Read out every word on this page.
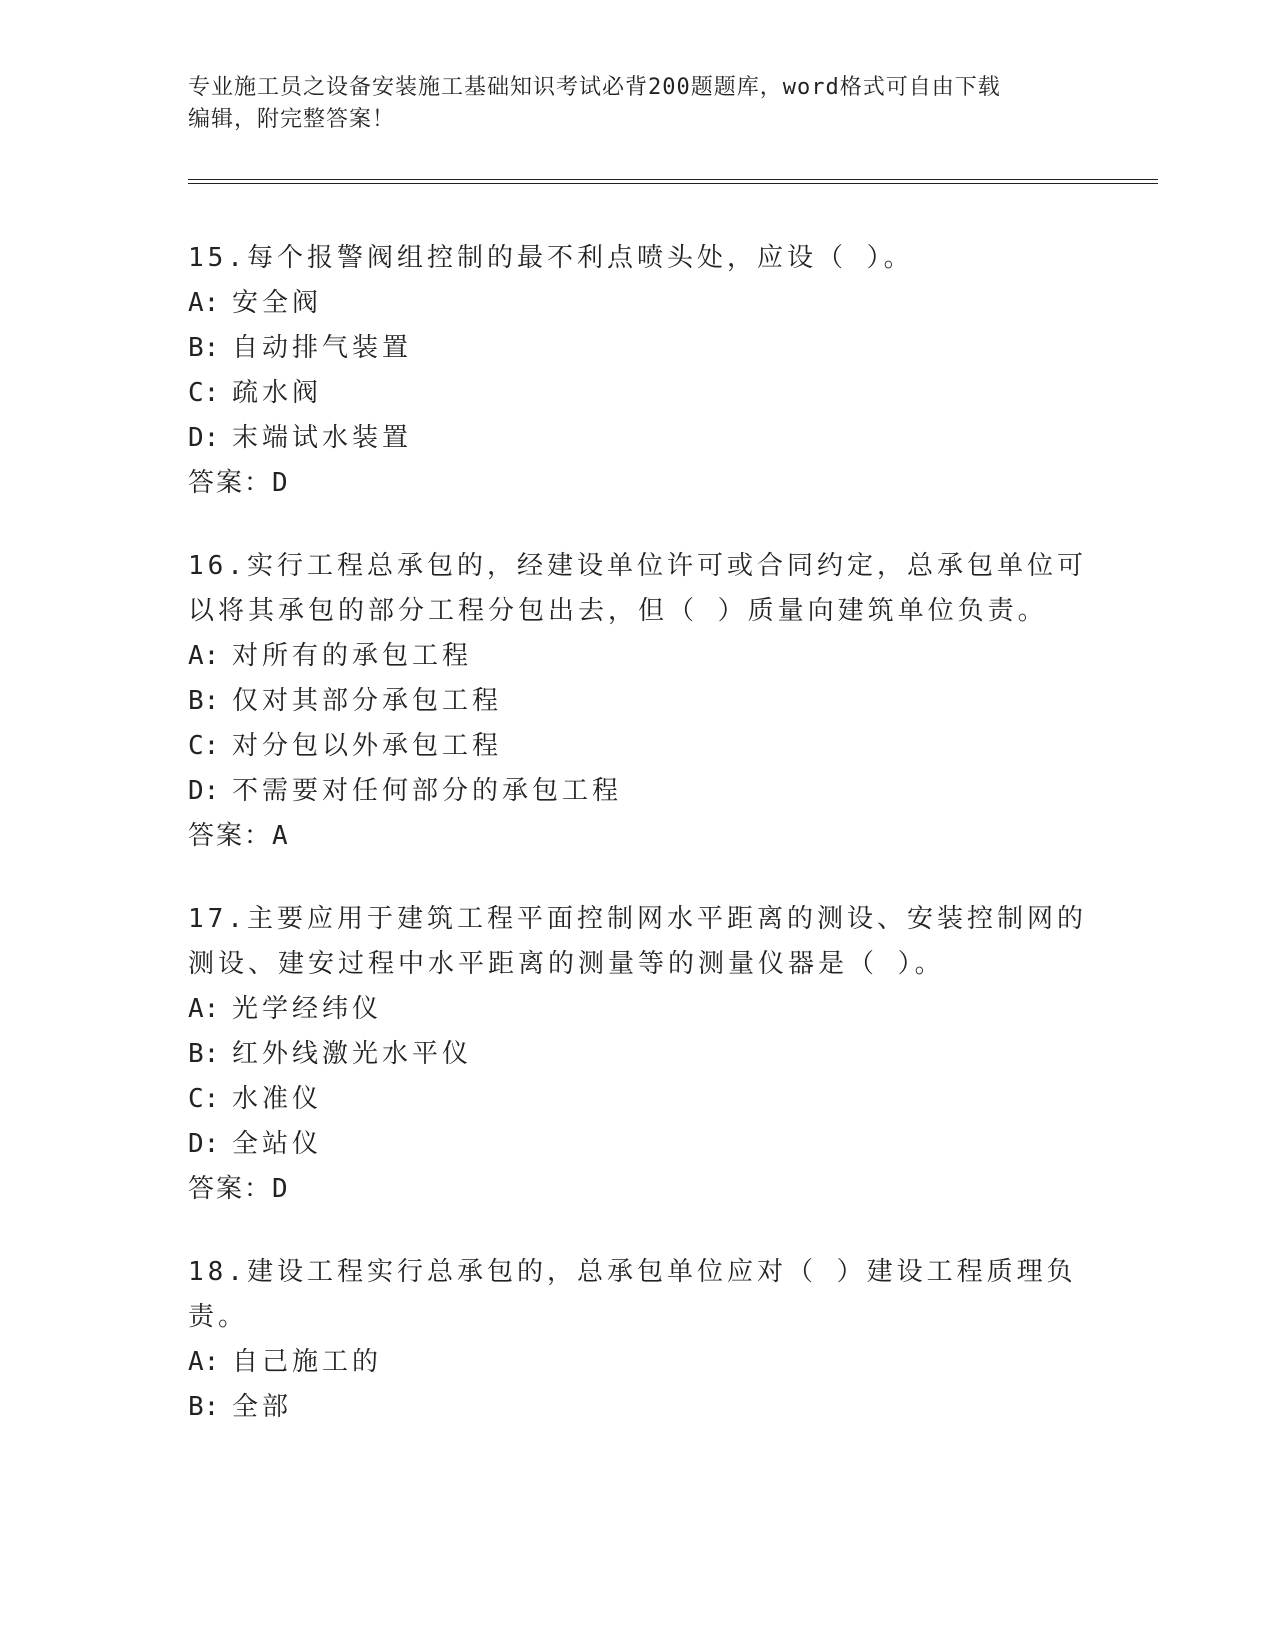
专业施工员之设备安装施工基础知识考试必背200题题库，word格式可自由下载
编辑，附完整答案！

15.每个报警阀组控制的最不利点喷头处，应设（ ）。

A: 安全阀
B: 自动排气装置
C: 疏水阀
D: 末端试水装置
答案：D

16.实行工程总承包的，经建设单位许可或合同约定，总承包单位可以将其承包的部分工程分包出去，但（ ）质量向建筑单位负责。

A: 对所有的承包工程
B: 仅对其部分承包工程
C: 对分包以外承包工程
D: 不需要对任何部分的承包工程
答案：A

17.主要应用于建筑工程平面控制网水平距离的测设、安装控制网的测设、建安过程中水平距离的测量等的测量仪器是（ ）。

A: 光学经纬仪
B: 红外线激光水平仪
C: 水准仪
D: 全站仪
答案：D

18.建设工程实行总承包的，总承包单位应对（ ）建设工程质理负责。

A: 自己施工的
B: 全部
